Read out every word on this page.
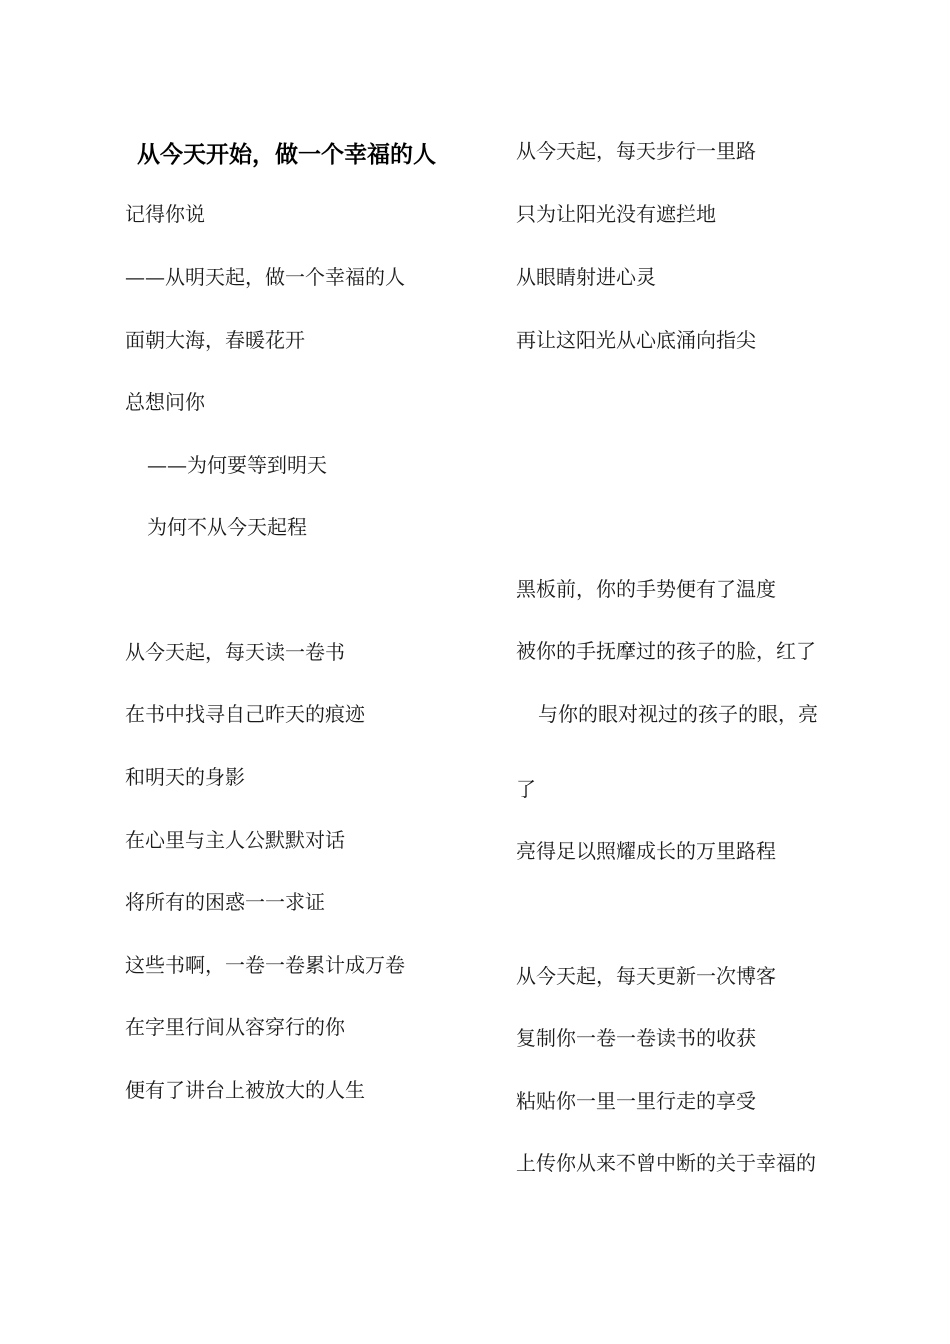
从今天开始，做一个幸福的人

记得你说

——从明天起，做一个幸福的人

面朝大海，春暖花开

总想问你

——为何要等到明天

为何不从今天起程

从今天起，每天读一卷书

在书中找寻自己昨天的痕迹

和明天的身影

在心里与主人公默默对话

将所有的困惑一一求证

这些书啊，一卷一卷累计成万卷

在字里行间从容穿行的你

便有了讲台上被放大的人生

从今天起，每天步行一里路

只为让阳光没有遮拦地

从眼睛射进心灵

再让这阳光从心底涌向指尖

黑板前，你的手势便有了温度

被你的手抚摩过的孩子的脸，红了

与你的眼对视过的孩子的眼，亮

了

亮得足以照耀成长的万里路程

从今天起，每天更新一次博客

复制你一卷一卷读书的收获

粘贴你一里一里行走的享受

上传你从来不曾中断的关于幸福的
